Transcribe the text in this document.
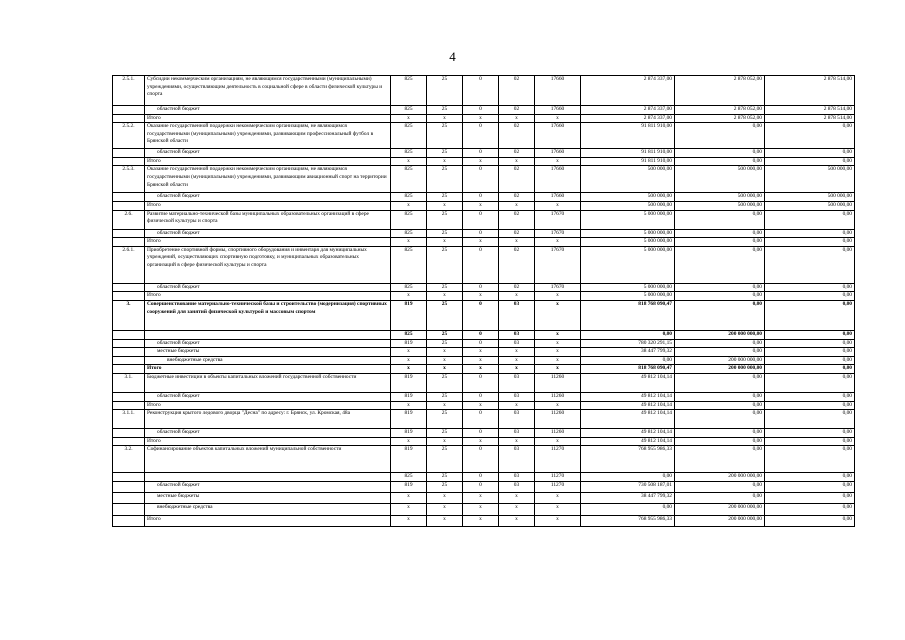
4
2.5.1.	Субсидии некоммерческим организациям, не являющимся государственными (муниципальными) учреждениями, осуществляющим деятельность в социальной сфере в области физической культуры и спорта	825	25	0	02	17660	2 874 337,00	2 878 052,00	2 878 514,00
	областной бюджет	825	25	0	02	17660	2 874 337,00	2 878 052,00	2 878 514,00
	Итого	х	х	х	х	х	2 874 337,00	2 878 052,00	2 878 514,00
2.5.2.	Оказание государственной поддержки некоммерческим организациям, не являющимся государственными (муниципальными) учреждениями, развивающим профессиональный футбол в Брянской области	825	25	0	02	17660	91 811 910,00	0,00	0,00
	областной бюджет	825	25	0	02	17660	91 811 910,00	0,00	0,00
	Итого	х	х	х	х	х	91 811 910,00	0,00	0,00
2.5.3.	Оказание государственной поддержки некоммерческим организациям, не являющимся государственными (муниципальными) учреждениями, развивающим авиационный спорт на территории Брянской области	825	25	0	02	17660	500 000,00	500 000,00	500 000,00
	областной бюджет	825	25	0	02	17660	500 000,00	500 000,00	500 000,00
	Итого	х	х	х	х	х	500 000,00	500 000,00	500 000,00
2.6.	Развитие материально-технической базы муниципальных образовательных организаций в сфере физической культуры и спорта	825	25	0	02	17670	5 000 000,00	0,00	0,00
	областной бюджет	825	25	0	02	17670	5 000 000,00	0,00	0,00
	Итого	х	х	х	х	х	5 000 000,00	0,00	0,00
2.6.1.	Приобретение спортивной формы, спортивного оборудования и инвентаря для муниципальных учреждений, осуществляющих спортивную подготовку, и муниципальных образовательных организаций в сфере физической культуры и спорта	825	25	0	02	17670	5 000 000,00	0,00	0,00
	областной бюджет	825	25	0	02	17670	5 000 000,00	0,00	0,00
	Итого	х	х	х	х	х	5 000 000,00	0,00	0,00
3.	Совершенствование материально-технической базы и строительство (модернизация) спортивных сооружений для занятий физической культурой и массовым спортом	819	25	0	03	х	818 768 090,47	0,00	0,00
		825	25	0	03	х	0,00	200 000 000,00	0,00
	областной бюджет	819	25	0	03	х	780 320 291,15	0,00	0,00
	местные бюджеты	х	х	х	х	х	38 447 799,32	0,00	0,00
	внебюджетные средства	х	х	х	х	х	0,00	200 000 000,00	0,00
	Итого	х	х	х	х	х	818 768 090,47	200 000 000,00	0,00
3.1.	Бюджетные инвестиции в объекты капитальных вложений государственной собственности	819	25	0	03	11260	49 812 104,14	0,00	0,00
	областной бюджет	819	25	0	03	11260	49 812 104,14	0,00	0,00
	Итого	х	х	х	х	х	49 812 104,14	0,00	0,00
3.1.1.	Реконструкция крытого ледового дворца "Десна" по адресу: г. Брянск, ул. Кромская, 48а	819	25	0	03	11260	49 812 104,14	0,00	0,00
	областной бюджет	819	25	0	03	11260	49 812 104,14	0,00	0,00
	Итого	х	х	х	х	х	49 812 104,14	0,00	0,00
3.2.	Софинансирование объектов капитальных вложений муниципальной собственности	819	25	0	03	11270	768 955 986,33	0,00	0,00
		825	25	0	03	11270	0,00	200 000 000,00	0,00
	областной бюджет	819	25	0	03	11270	730 508 187,01	0,00	0,00
	местные бюджеты	х	х	х	х	х	38 447 799,32	0,00	0,00
	внебюджетные средства	х	х	х	х	х	0,00	200 000 000,00	0,00
	Итого	х	х	х	х	х	768 955 986,33	200 000 000,00	0,00
